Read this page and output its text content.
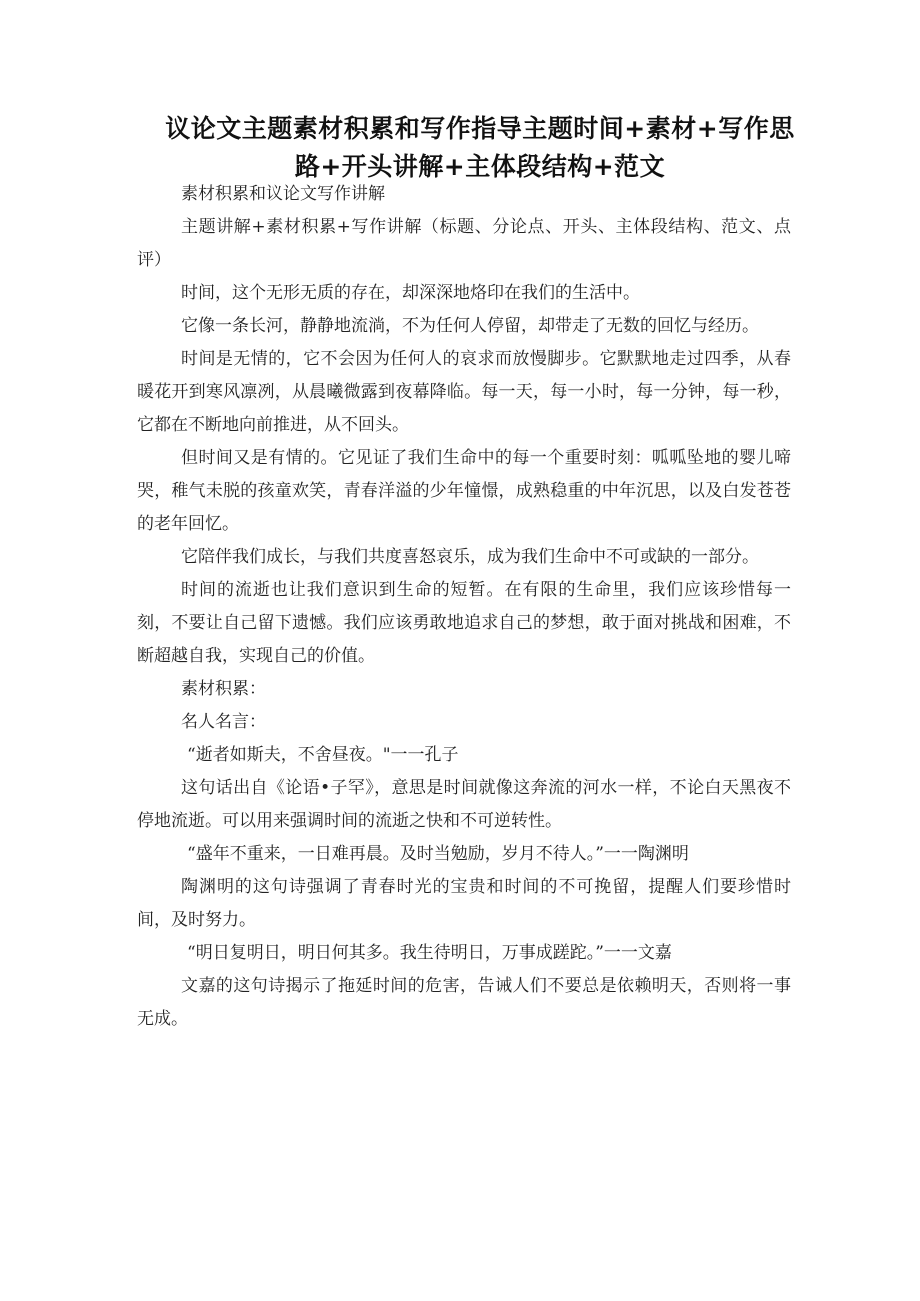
议论文主题素材积累和写作指导主题时间+素材+写作思路+开头讲解+主体段结构+范文

素材积累和议论文写作讲解

主题讲解+素材积累+写作讲解（标题、分论点、开头、主体段结构、范文、点评）

时间，这个无形无质的存在，却深深地烙印在我们的生活中。

它像一条长河，静静地流淌，不为任何人停留，却带走了无数的回忆与经历。

时间是无情的，它不会因为任何人的哀求而放慢脚步。它默默地走过四季，从春暖花开到寒风凛冽，从晨曦微露到夜幕降临。每一天，每一小时，每一分钟，每一秒，它都在不断地向前推进，从不回头。

但时间又是有情的。它见证了我们生命中的每一个重要时刻：呱呱坠地的婴儿啼哭，稚气未脱的孩童欢笑，青春洋溢的少年憧憬，成熟稳重的中年沉思，以及白发苍苍的老年回忆。

它陪伴我们成长，与我们共度喜怒哀乐，成为我们生命中不可或缺的一部分。

时间的流逝也让我们意识到生命的短暂。在有限的生命里，我们应该珍惜每一刻，不要让自己留下遗憾。我们应该勇敢地追求自己的梦想，敢于面对挑战和困难，不断超越自我，实现自己的价值。

素材积累：

名人名言：

“逝者如斯夫，不舍昼夜。"一一孔子

这句话出自《论语•子罕》，意思是时间就像这奔流的河水一样，不论白天黑夜不停地流逝。可以用来强调时间的流逝之快和不可逆转性。

“盛年不重来，一日难再晨。及时当勉励，岁月不待人。”一一陶渊明

陶渊明的这句诗强调了青春时光的宝贵和时间的不可挽留，提醒人们要珍惜时间，及时努力。

“明日复明日，明日何其多。我生待明日，万事成蹉跎。”一一文嘉

文嘉的这句诗揭示了拖延时间的危害，告诫人们不要总是依赖明天，否则将一事无成。
